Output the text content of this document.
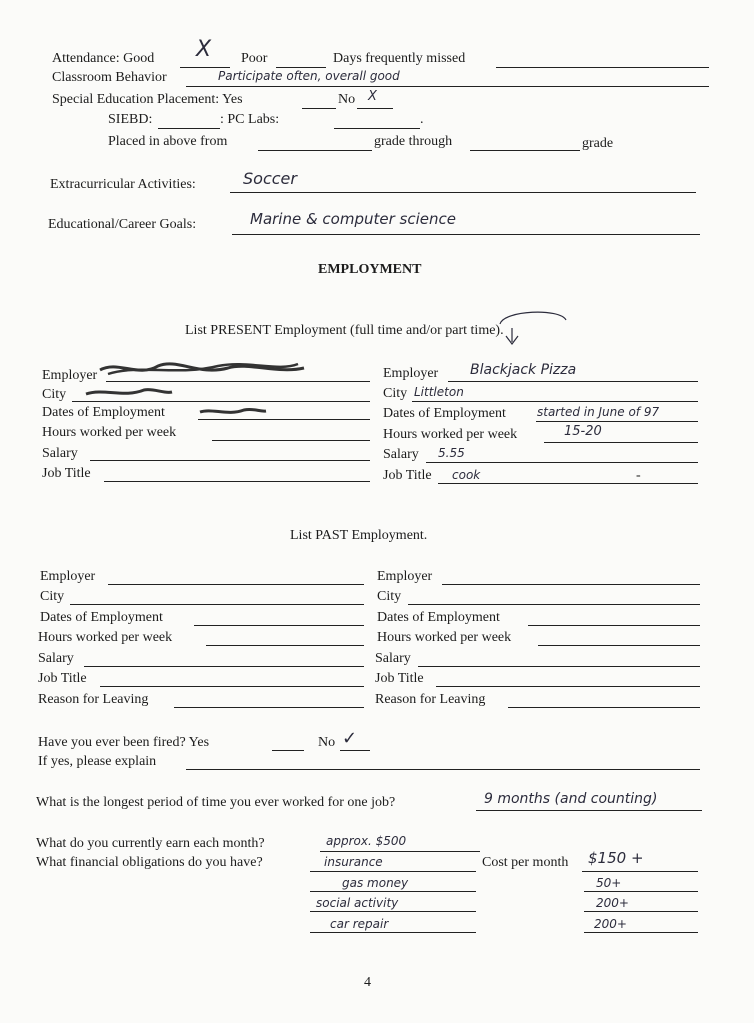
Attendance: Good X Poor	Days frequently missed
Classroom Behavior	Participate often, overall good
Special Education Placement: Yes	No X
SIEBD:	: PC Labs:	.
Placed in above from	grade through	grade
Extracurricular Activities:	Soccer
Educational/Career Goals:	Marine & computer science
EMPLOYMENT
List PRESENT Employment (full time and/or part time).
Employer
City
Dates of Employment
Hours worked per week
Salary
Job Title
Employer Blackjack Pizza
City Littleton
Dates of Employment	started in June of 97
Hours worked per week	15-20
Salary 5.55
Job Title cook	-
List PAST Employment.
Employer
City
Dates of Employment
Hours worked per week
Salary
Job Title
Reason for Leaving
Employer
City
Dates of Employment
Hours worked per week
Salary
Job Title
Reason for Leaving
Have you ever been fired? Yes	No ✓
If yes, please explain
What is the longest period of time you ever worked for one job?	9 months (and counting)
What do you currently earn each month?	approx. $500
What financial obligations do you have?	insurance	Cost per month $150 +
gas money	50+
social activity	200+
car repair	200+
4
